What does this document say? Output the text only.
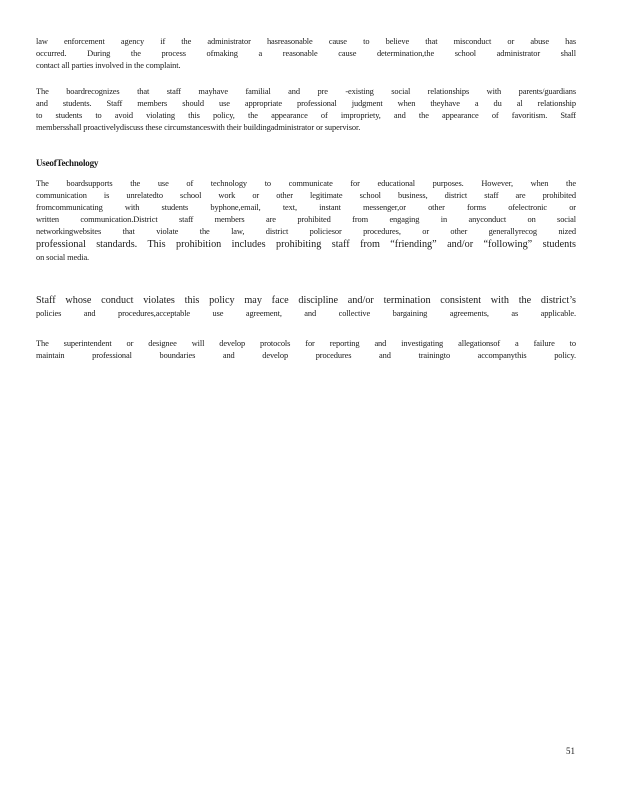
law enforcement agency if the administrator hasreasonable cause to believe that misconduct or abuse has
occurred. During the process ofmaking a reasonable cause determination,the school administrator shall
contact all parties involved in the complaint.
The boardrecognizes that staff mayhave familial and pre -existing social relationships with parents/guardians
and students. Staff members should use appropriate professional judgment when theyhave a du al relationship
to students to avoid violating this policy, the appearance of impropriety, and the appearance of favoritism. Staff
membersshall proactivelydiscuss these circumstanceswith their buildingadministrator or supervisor.
UseofTechnology
The boardsupports the use of technology to communicate for educational purposes. However, when the
communication is unrelatedto school work or other legitimate school business, district staff are prohibited
fromcommunicating with students byphone,email, text, instant messenger,or other forms ofelectronic or
written communication.District staff members are prohibited from engaging in anyconduct on social
networkingwebsites that violate the law, district policiesor procedures, or other generallyrecog nized
professional standards. This prohibition includes prohibiting staff from “friending” and/or “following” students
on social media.
Staff whose conduct violates this policy may face discipline and/or termination consistent with the district’s
policies and procedures,acceptable use agreement, and collective bargaining agreements, as applicable.
The superintendent or designee will develop protocols for reporting and investigating allegationsof a failure to
maintain professional boundaries and develop procedures and trainingto accompanythis policy.
51
